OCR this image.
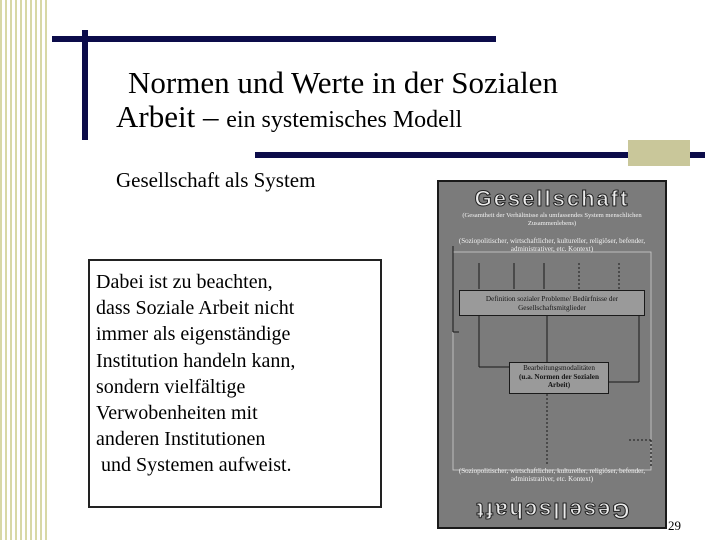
Normen und Werte in der Sozialen
Arbeit – ein systemisches Modell
Gesellschaft als System
Dabei ist zu beachten,
dass Soziale Arbeit nicht
immer als eigenständige
Institution handeln kann,
sondern vielfältige
Verwobenheiten mit
anderen Institutionen
und Systemen aufweist.
Gesellschaft
(Gesamtheit der Verhältnisse als umfassendes System menschlichen Zusammenlebens)
(Soziopolitischer, wirtschaftlicher, kultureller, religiöser, befender, administrativer, etc. Kontext)
Definition sozialer Probleme/ Bedürfnisse der Gesellschaftsmitglieder
Bearbeitungsmodalitäten
(u.a. Normen der Sozialen Arbeit)
(Soziopolitischer, wirtschaftlicher, kultureller, religiöser, befender, administrativer, etc. Kontext)
Gesellschaft
29
